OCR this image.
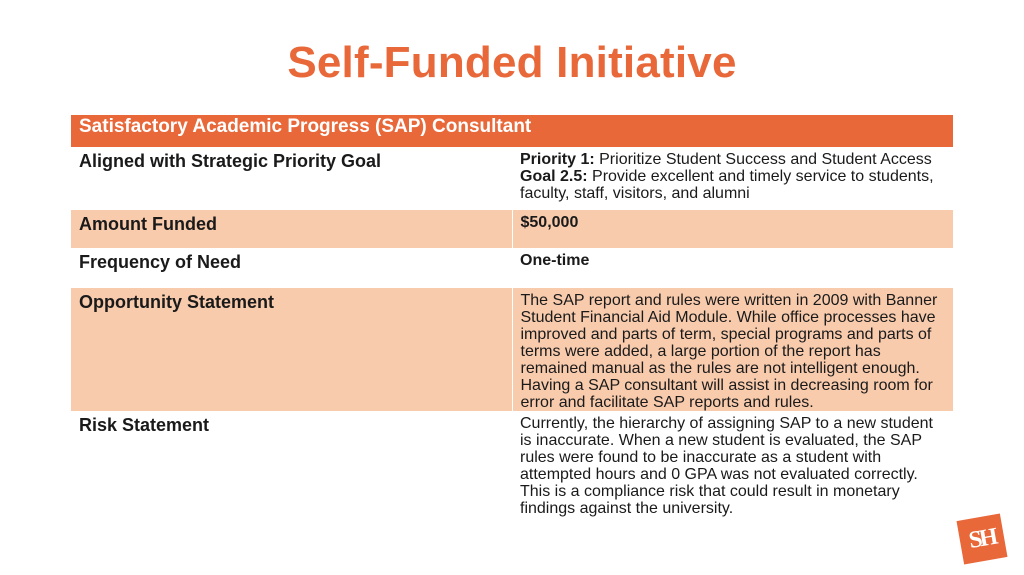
Self-Funded Initiative
Satisfactory Academic Progress (SAP) Consultant	
Aligned with Strategic Priority Goal	Priority 1: Prioritize Student Success and Student Access
Goal 2.5: Provide excellent and timely service to students, faculty, staff, visitors, and alumni
Amount Funded	$50,000
Frequency of Need	One-time
Opportunity Statement	The SAP report and rules were written in 2009 with Banner Student Financial Aid Module. While office processes have improved and parts of term, special programs and parts of terms were added, a large portion of the report has remained manual as the rules are not intelligent enough. Having a SAP consultant will assist in decreasing room for error and facilitate SAP reports and rules.
Risk Statement	Currently, the hierarchy of assigning SAP to a new student is inaccurate. When a new student is evaluated, the SAP rules were found to be inaccurate as a student with attempted hours and 0 GPA was not evaluated correctly. This is a compliance risk that could result in monetary findings against the university.
SH
